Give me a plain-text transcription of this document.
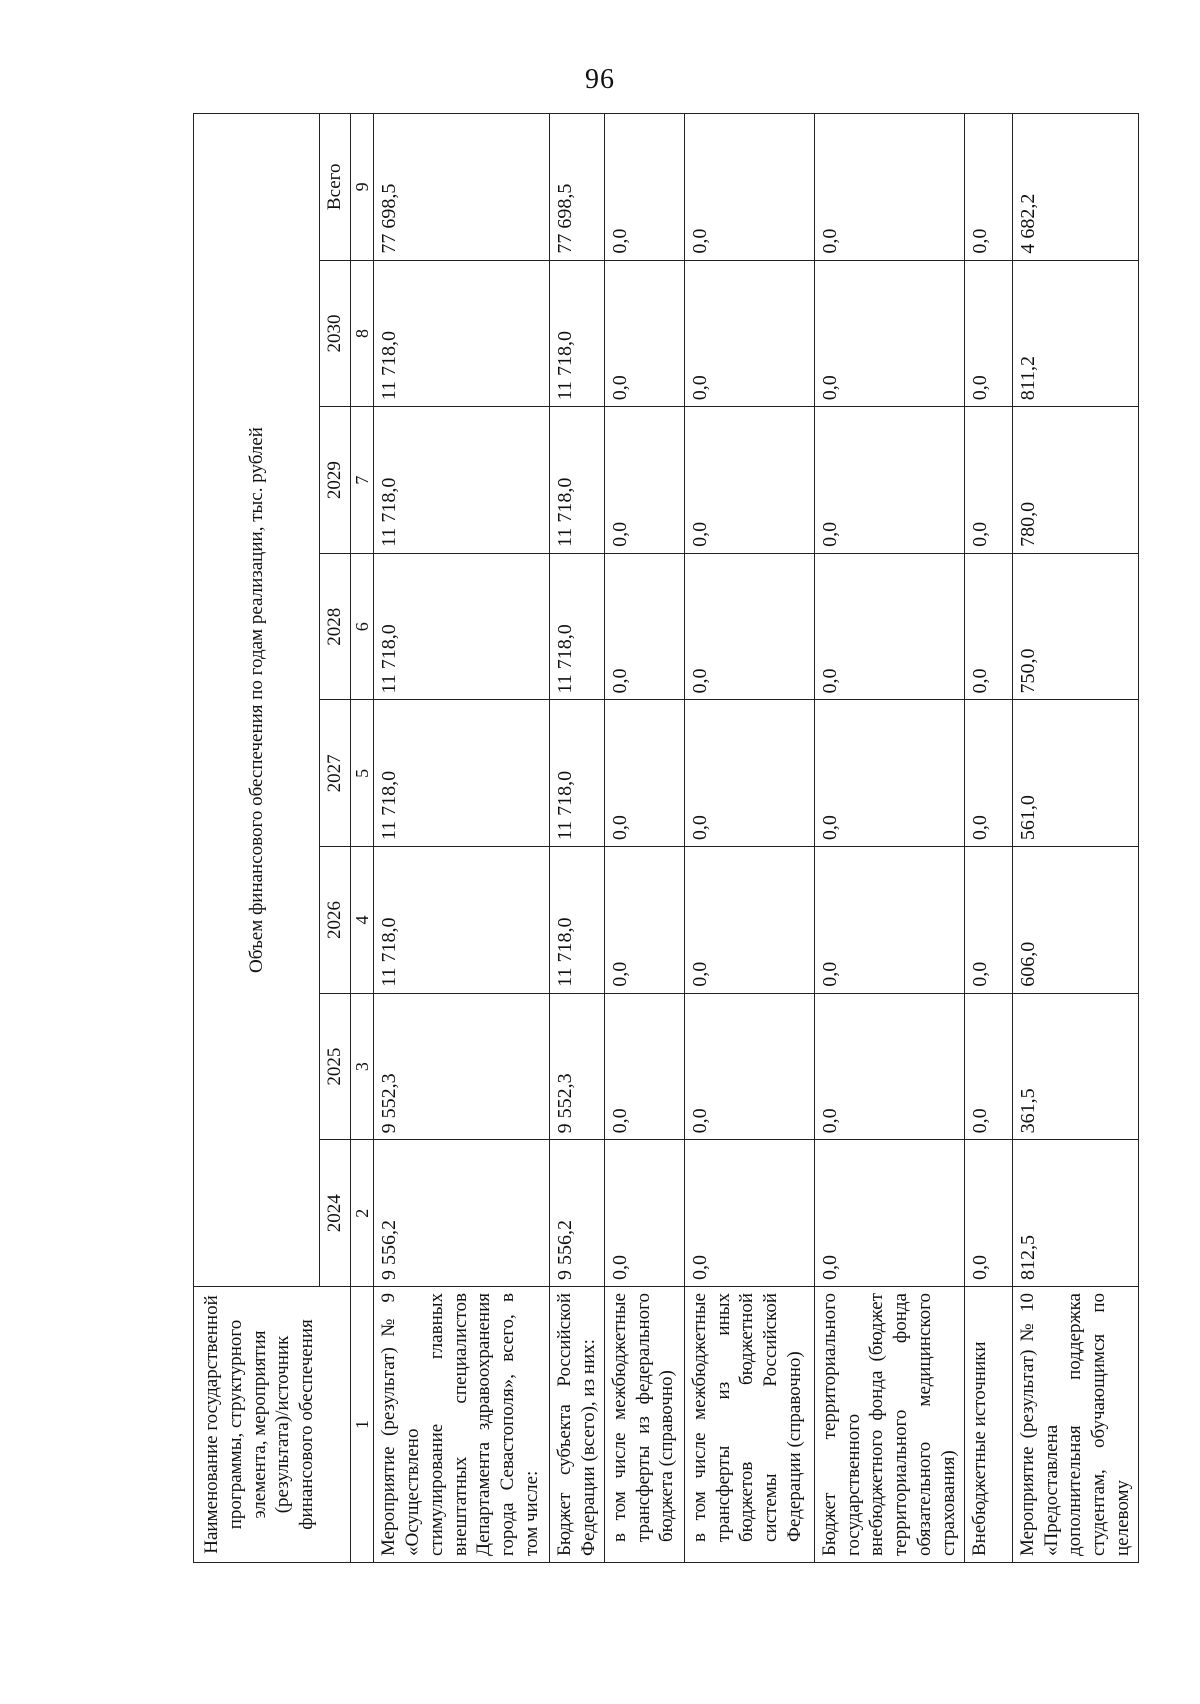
96
Наименование государственной программы, структурного элемента, мероприятия (результата)/источник финансового обеспечения	Объем финансового обеспечения по годам реализации, тыс. рублей							
	2024	2025	2026	2027	2028	2029	2030	Всего
1	2	3	4	5	6	7	8	9
Мероприятие (результат) № 9 «Осуществлено стимулирование главных внештатных специалистов Департамента здравоохранения города Севастополя», всего, в том числе:	9 556,2	9 552,3	11 718,0	11 718,0	11 718,0	11 718,0	11 718,0	77 698,5
Бюджет субъекта Российской Федерации (всего), из них:	9 556,2	9 552,3	11 718,0	11 718,0	11 718,0	11 718,0	11 718,0	77 698,5
в том числе межбюджетные трансферты из федерального бюджета (справочно)	0,0	0,0	0,0	0,0	0,0	0,0	0,0	0,0
в том числе межбюджетные трансферты из иных бюджетов бюджетной системы Российской Федерации (справочно)	0,0	0,0	0,0	0,0	0,0	0,0	0,0	0,0
Бюджет территориального государственного внебюджетного фонда (бюджет территориального фонда обязательного медицинского страхования)	0,0	0,0	0,0	0,0	0,0	0,0	0,0	0,0
Внебюджетные источники	0,0	0,0	0,0	0,0	0,0	0,0	0,0	0,0
Мероприятие (результат) № 10 «Предоставлена дополнительная поддержка студентам, обучающимся по целевому	812,5	361,5	606,0	561,0	750,0	780,0	811,2	4 682,2
